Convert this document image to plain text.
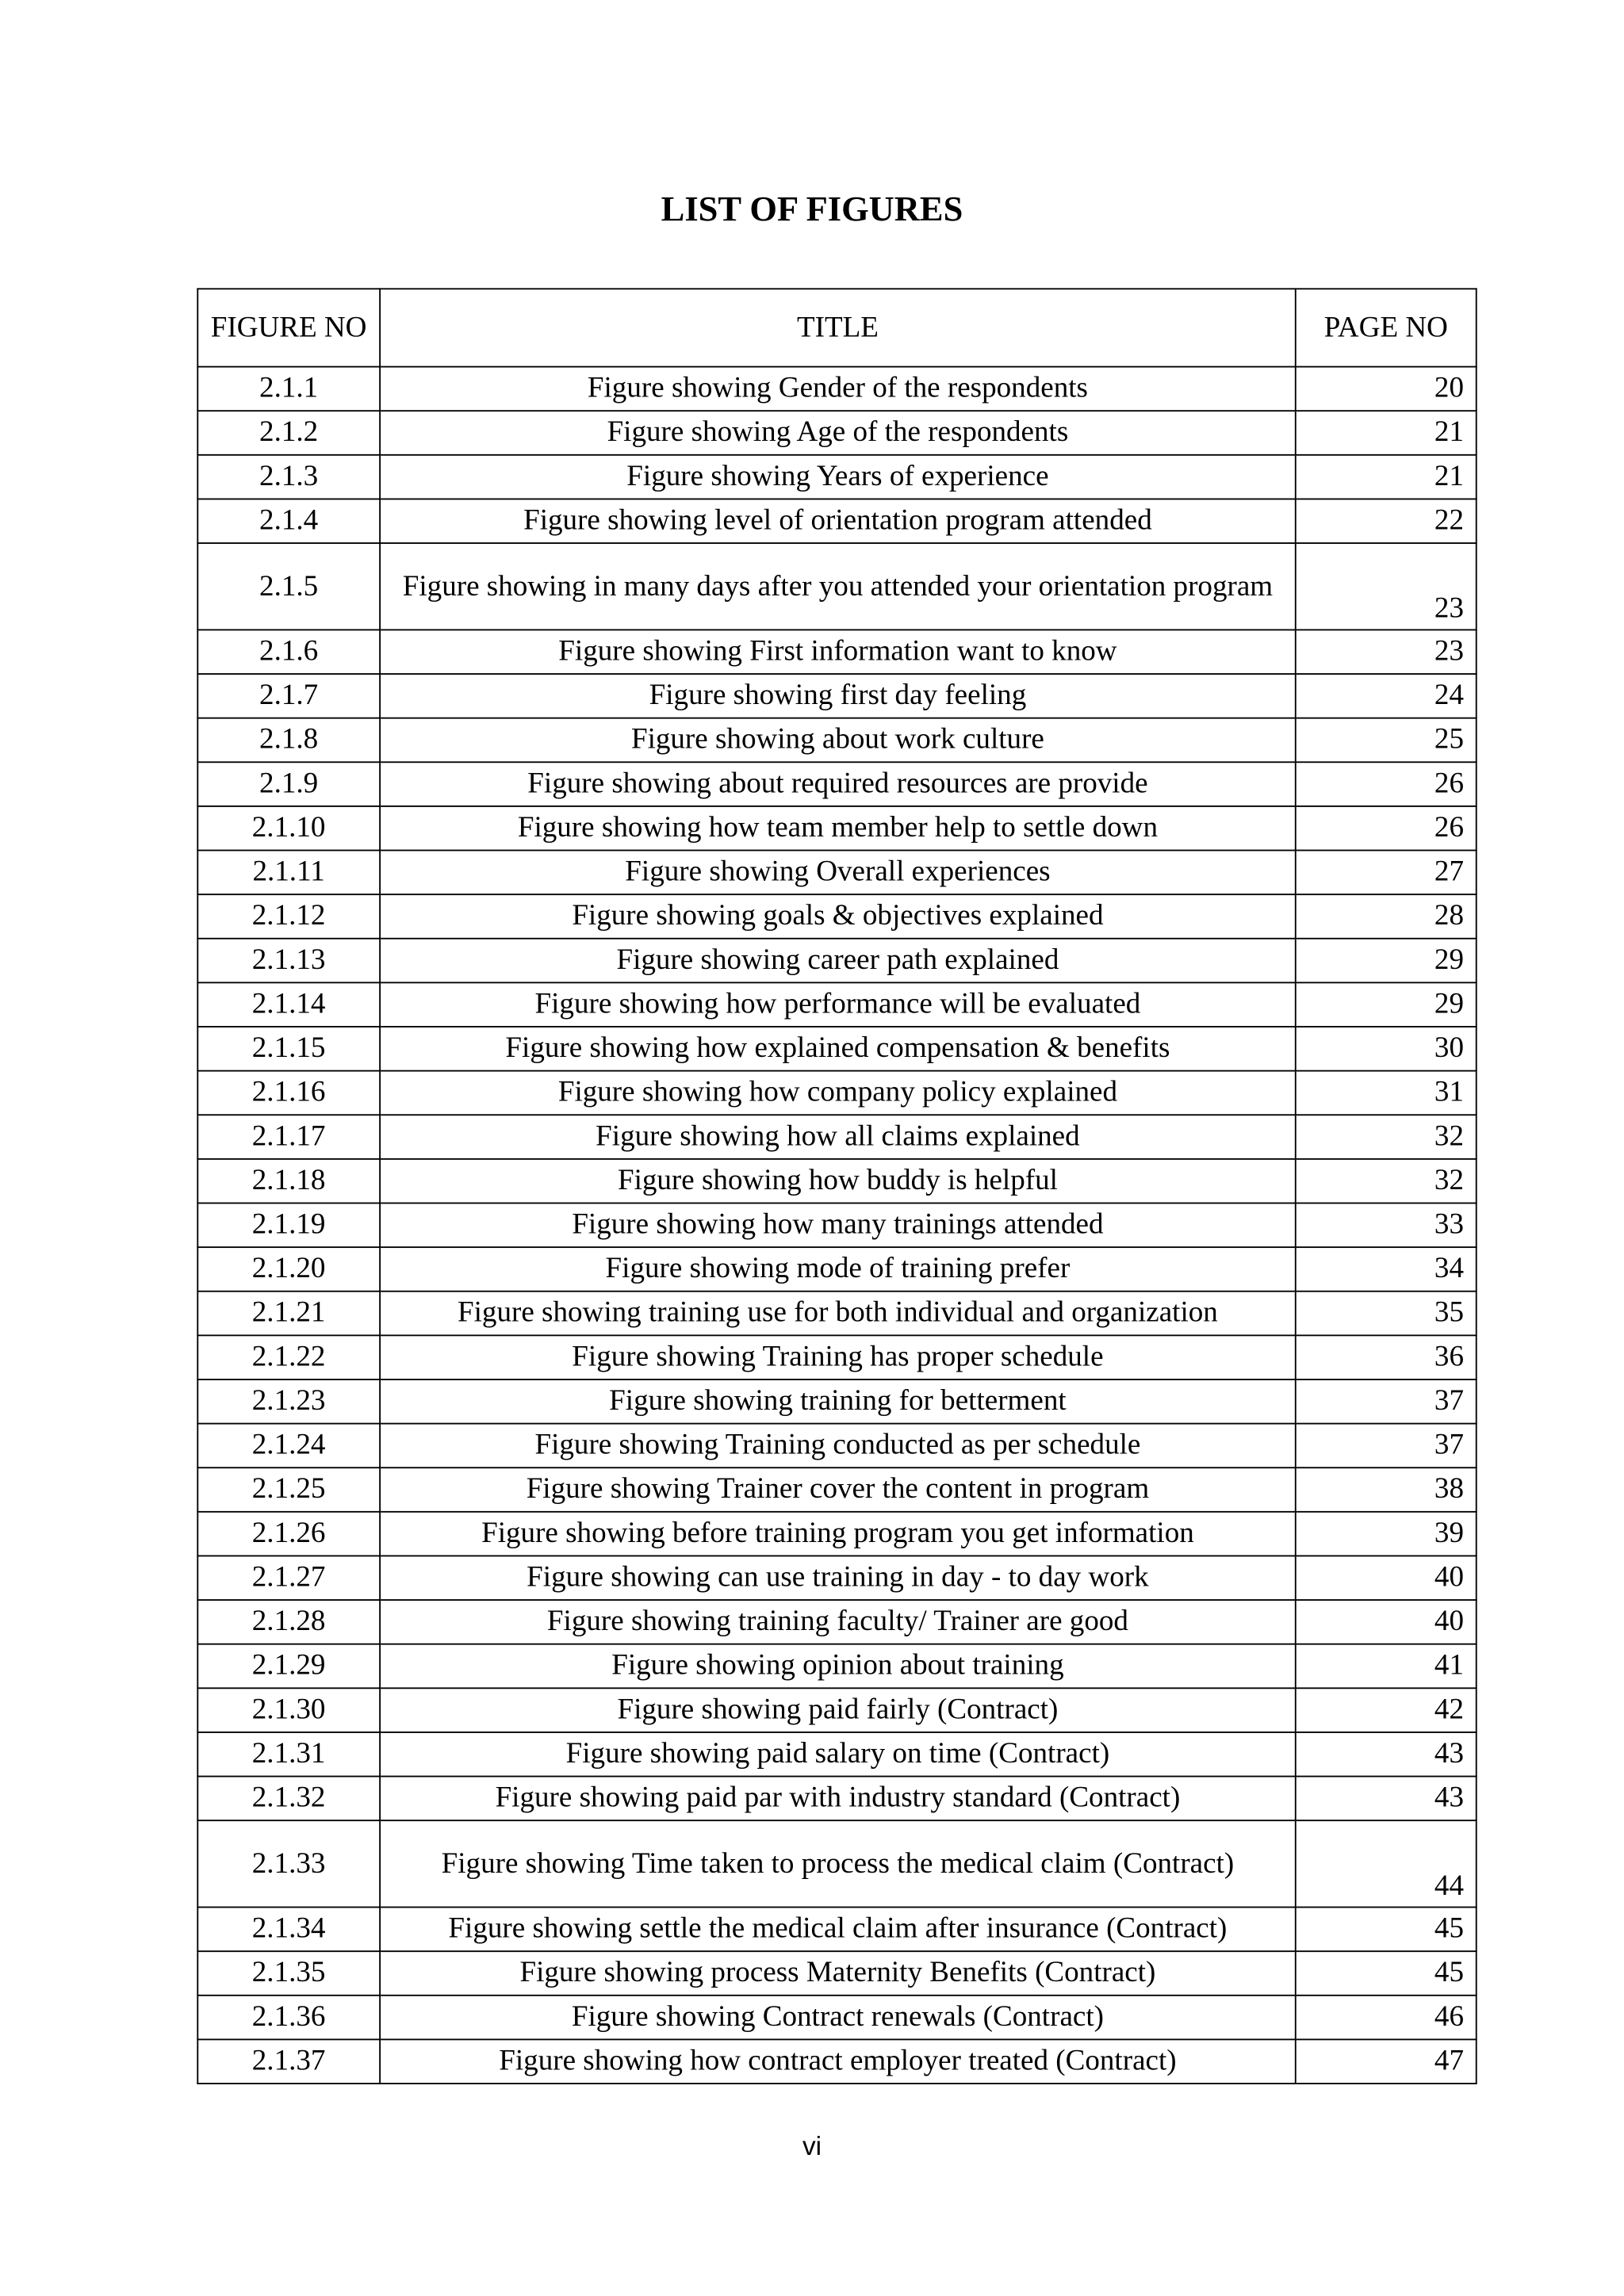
LIST OF FIGURES
FIGURE NO	TITLE	PAGE NO
2.1.1	Figure showing Gender of the respondents	20
2.1.2	Figure showing Age of the respondents	21
2.1.3	Figure showing Years of experience	21
2.1.4	Figure showing level of orientation program attended	22
2.1.5	Figure showing in many days after you attended your orientation program	23
2.1.6	Figure showing First information want to know	23
2.1.7	Figure showing first day feeling	24
2.1.8	Figure showing about work culture	25
2.1.9	Figure showing about required resources are provide	26
2.1.10	Figure showing how team member help to settle down	26
2.1.11	Figure showing Overall experiences	27
2.1.12	Figure showing goals & objectives explained	28
2.1.13	Figure showing career path explained	29
2.1.14	Figure showing how performance will be evaluated	29
2.1.15	Figure showing how explained compensation & benefits	30
2.1.16	Figure showing how company policy explained	31
2.1.17	Figure showing how all claims explained	32
2.1.18	Figure showing how buddy is helpful	32
2.1.19	Figure showing how many trainings attended	33
2.1.20	Figure showing mode of training prefer	34
2.1.21	Figure showing training use for both individual and organization	35
2.1.22	Figure showing Training has proper schedule	36
2.1.23	Figure showing training for betterment	37
2.1.24	Figure showing Training conducted as per schedule	37
2.1.25	Figure showing Trainer cover the content in program	38
2.1.26	Figure showing before training program you get information	39
2.1.27	Figure showing can use training in day - to day work	40
2.1.28	Figure showing training faculty/ Trainer are good	40
2.1.29	Figure showing opinion about training	41
2.1.30	Figure showing paid fairly (Contract)	42
2.1.31	Figure showing paid salary on time (Contract)	43
2.1.32	Figure showing paid par with industry standard (Contract)	43
2.1.33	Figure showing Time taken to process the medical claim (Contract)	44
2.1.34	Figure showing settle the medical claim after insurance (Contract)	45
2.1.35	Figure showing process Maternity Benefits (Contract)	45
2.1.36	Figure showing Contract renewals (Contract)	46
2.1.37	Figure showing how contract employer treated (Contract)	47
vi
